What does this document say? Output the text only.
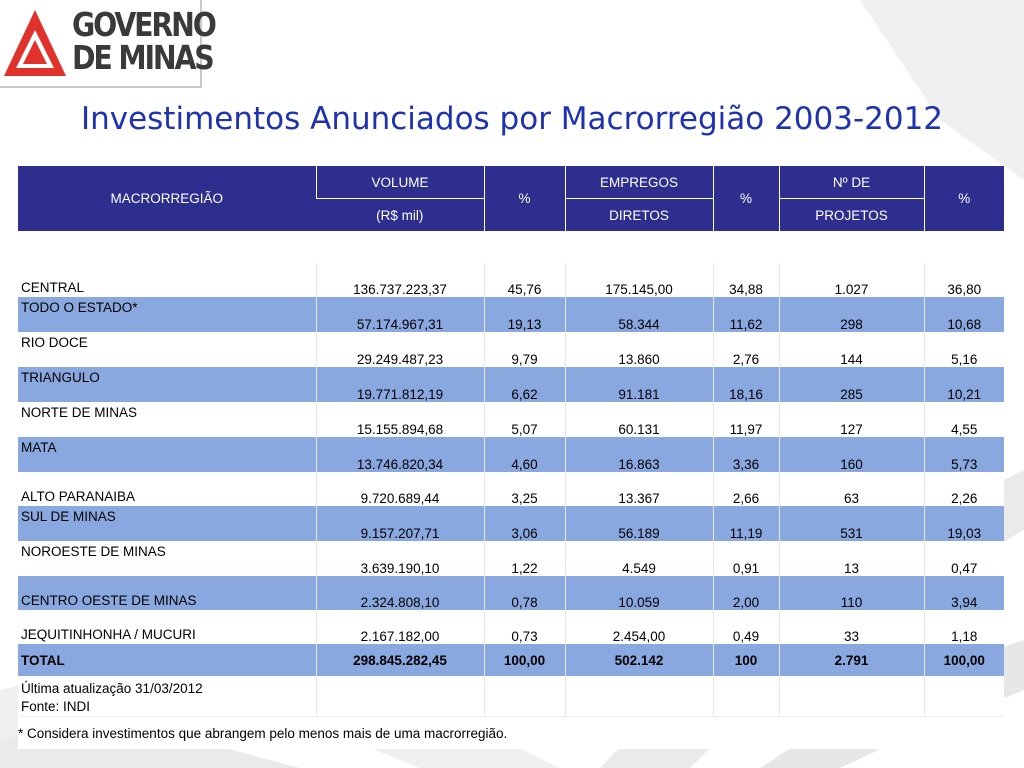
GOVERNO
DE MINAS
Investimentos Anunciados por Macrorregião 2003-2012
MACRORREGIÃO	VOLUME	%	EMPREGOS	%	Nº DE	%
	(R$ mil)		DIRETOS		PROJETOS	

CENTRAL	136.737.223,37	45,76	175.145,00	34,88	1.027	36,80
TODO O ESTADO*	57.174.967,31	19,13	58.344	11,62	298	10,68
RIO DOCE	29.249.487,23	9,79	13.860	2,76	144	5,16
TRIANGULO	19.771.812,19	6,62	91.181	18,16	285	10,21
NORTE DE MINAS	15.155.894,68	5,07	60.131	11,97	127	4,55
MATA	13.746.820,34	4,60	16.863	3,36	160	5,73
ALTO PARANAIBA	9.720.689,44	3,25	13.367	2,66	63	2,26
SUL DE MINAS	9.157.207,71	3,06	56.189	11,19	531	19,03
NOROESTE DE MINAS	3.639.190,10	1,22	4.549	0,91	13	0,47
CENTRO OESTE DE MINAS	2.324.808,10	0,78	10.059	2,00	110	3,94
JEQUITINHONHA / MUCURI	2.167.182,00	0,73	2.454,00	0,49	33	1,18
TOTAL	298.845.282,45	100,00	502.142	100	2.791	100,00

Última atualização 31/03/2012
Fonte: INDI						

* Considera investimentos que abrangem pelo menos mais de uma macrorregião.						
